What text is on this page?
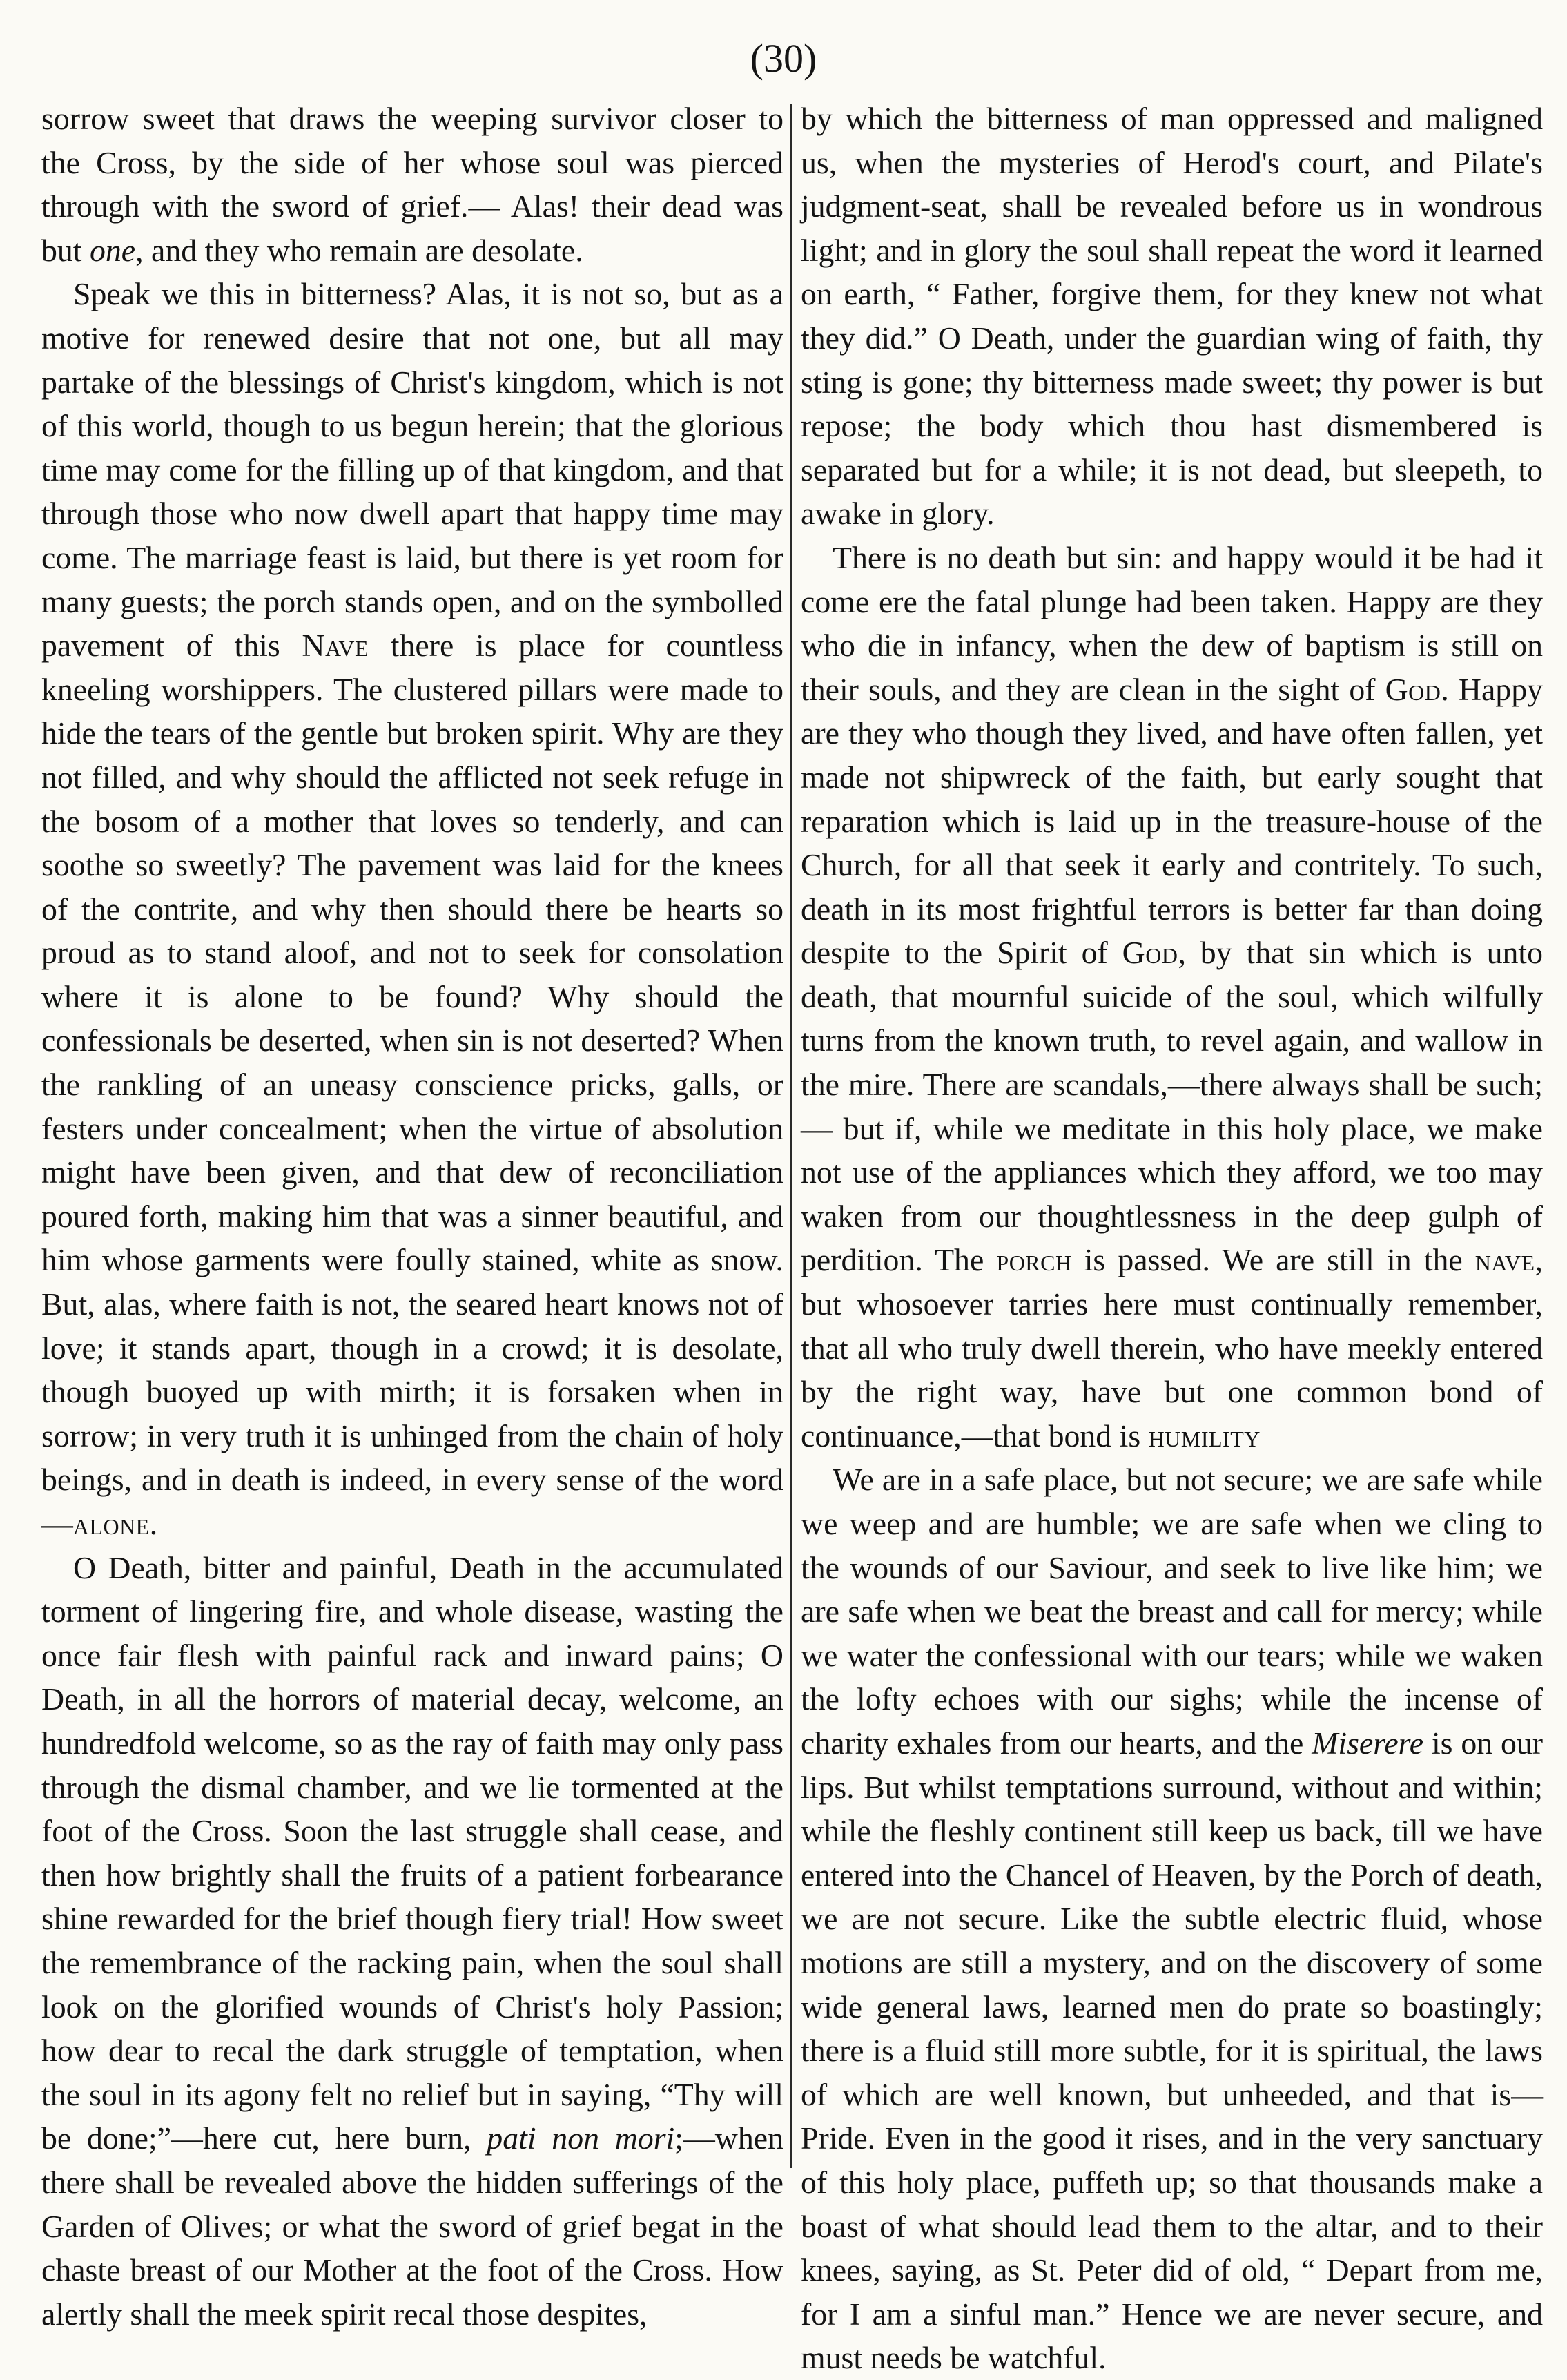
(30)

sorrow sweet that draws the weeping survivor closer to the Cross, by the side of her whose soul was pierced through with the sword of grief.— Alas! their dead was but one, and they who remain are desolate.

Speak we this in bitterness? Alas, it is not so, but as a motive for renewed desire that not one, but all may partake of the blessings of Christ's kingdom, which is not of this world, though to us begun herein; that the glorious time may come for the filling up of that kingdom, and that through those who now dwell apart that happy time may come. The marriage feast is laid, but there is yet room for many guests; the porch stands open, and on the symbolled pavement of this Nave there is place for countless kneeling worshippers. The clustered pillars were made to hide the tears of the gentle but broken spirit. Why are they not filled, and why should the afflicted not seek refuge in the bosom of a mother that loves so tenderly, and can soothe so sweetly? The pavement was laid for the knees of the contrite, and why then should there be hearts so proud as to stand aloof, and not to seek for consolation where it is alone to be found? Why should the confessionals be deserted, when sin is not deserted? When the rankling of an uneasy conscience pricks, galls, or festers under concealment; when the virtue of absolution might have been given, and that dew of reconciliation poured forth, making him that was a sinner beautiful, and him whose garments were foully stained, white as snow. But, alas, where faith is not, the seared heart knows not of love; it stands apart, though in a crowd; it is desolate, though buoyed up with mirth; it is forsaken when in sorrow; in very truth it is unhinged from the chain of holy beings, and in death is indeed, in every sense of the word—alone.

O Death, bitter and painful, Death in the accumulated torment of lingering fire, and whole disease, wasting the once fair flesh with painful rack and inward pains; O Death, in all the horrors of material decay, welcome, an hundredfold welcome, so as the ray of faith may only pass through the dismal chamber, and we lie tormented at the foot of the Cross. Soon the last struggle shall cease, and then how brightly shall the fruits of a patient forbearance shine rewarded for the brief though fiery trial! How sweet the remembrance of the racking pain, when the soul shall look on the glorified wounds of Christ's holy Passion; how dear to recal the dark struggle of temptation, when the soul in its agony felt no relief but in saying, “Thy will be done;”—here cut, here burn, pati non mori;—when there shall be revealed above the hidden sufferings of the Garden of Olives; or what the sword of grief begat in the chaste breast of our Mother at the foot of the Cross. How alertly shall the meek spirit recal those despites,

by which the bitterness of man oppressed and maligned us, when the mysteries of Herod's court, and Pilate's judgment-seat, shall be revealed before us in wondrous light; and in glory the soul shall repeat the word it learned on earth, “ Father, forgive them, for they knew not what they did.” O Death, under the guardian wing of faith, thy sting is gone; thy bitterness made sweet; thy power is but repose; the body which thou hast dismembered is separated but for a while; it is not dead, but sleepeth, to awake in glory.

There is no death but sin: and happy would it be had it come ere the fatal plunge had been taken. Happy are they who die in infancy, when the dew of baptism is still on their souls, and they are clean in the sight of God. Happy are they who though they lived, and have often fallen, yet made not shipwreck of the faith, but early sought that reparation which is laid up in the treasure-house of the Church, for all that seek it early and contritely. To such, death in its most frightful terrors is better far than doing despite to the Spirit of God, by that sin which is unto death, that mournful suicide of the soul, which wilfully turns from the known truth, to revel again, and wallow in the mire. There are scandals,—there always shall be such;— but if, while we meditate in this holy place, we make not use of the appliances which they afford, we too may waken from our thoughtlessness in the deep gulph of perdition. The porch is passed. We are still in the nave, but whosoever tarries here must continually remember, that all who truly dwell therein, who have meekly entered by the right way, have but one common bond of continuance,—that bond is humility

We are in a safe place, but not secure; we are safe while we weep and are humble; we are safe when we cling to the wounds of our Saviour, and seek to live like him; we are safe when we beat the breast and call for mercy; while we water the confessional with our tears; while we waken the lofty echoes with our sighs; while the incense of charity exhales from our hearts, and the Miserere is on our lips. But whilst temptations surround, without and within; while the fleshly continent still keep us back, till we have entered into the Chancel of Heaven, by the Porch of death, we are not secure. Like the subtle electric fluid, whose motions are still a mystery, and on the discovery of some wide general laws, learned men do prate so boastingly; there is a fluid still more subtle, for it is spiritual, the laws of which are well known, but unheeded, and that is—Pride. Even in the good it rises, and in the very sanctuary of this holy place, puffeth up; so that thousands make a boast of what should lead them to the altar, and to their knees, saying, as St. Peter did of old, “ Depart from me, for I am a sinful man.” Hence we are never secure, and must needs be watchful.
